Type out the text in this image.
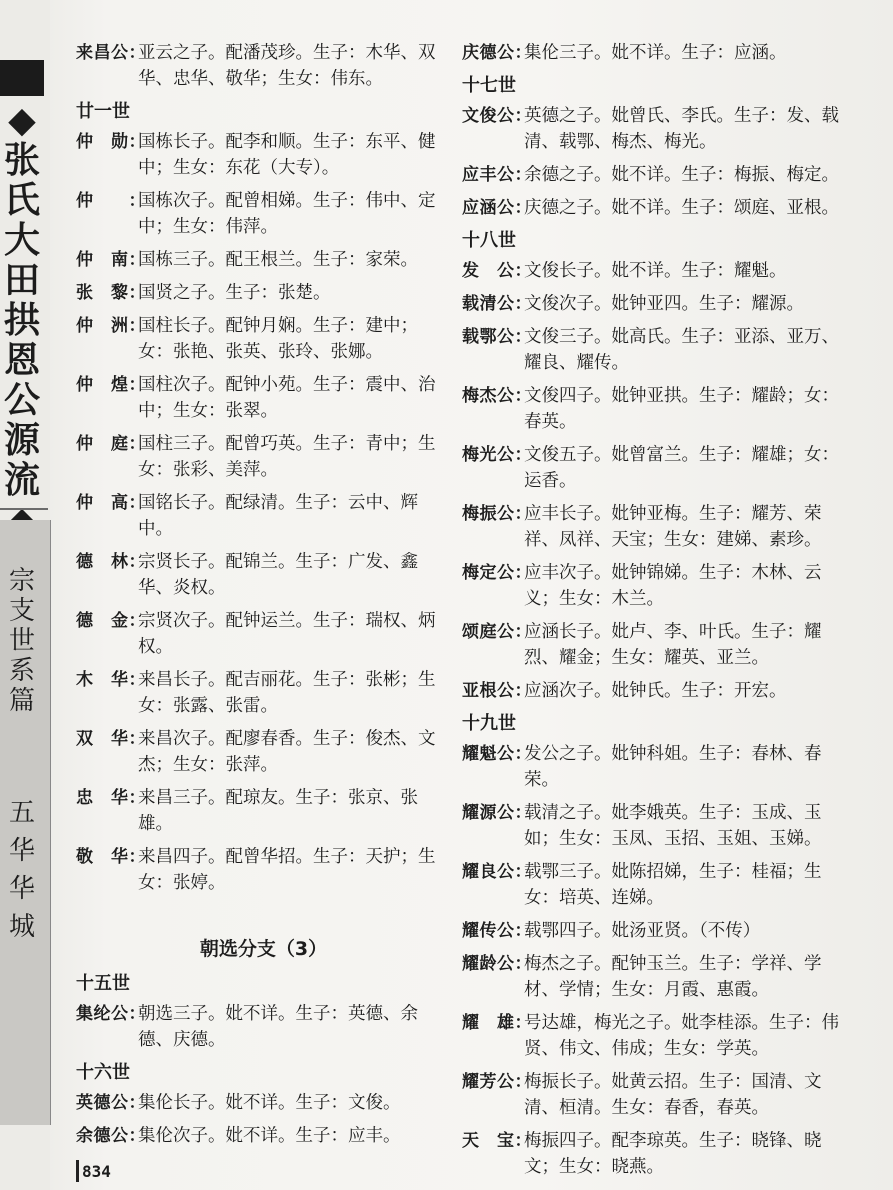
◆张氏大田拱恩公源流
宗支世系篇
五华华城
来昌公：
亚云之子。配潘茂珍。生子：木华、双华、忠华、敬华；生女：伟东。
廿一世
仲　勋：
国栋长子。配李和顺。生子：东平、健中；生女：东花（大专）。
仲　　：
国栋次子。配曾相娣。生子：伟中、定中；生女：伟萍。
仲　南：
国栋三子。配王根兰。生子：家荣。
张　黎：
国贤之子。生子：张楚。
仲　洲：
国柱长子。配钟月娴。生子：建中；女：张艳、张英、张玲、张娜。
仲　煌：
国柱次子。配钟小苑。生子：震中、治中；生女：张翠。
仲　庭：
国柱三子。配曾巧英。生子：青中；生女：张彩、美萍。
仲　高：
国铭长子。配绿清。生子：云中、辉中。
德　林：
宗贤长子。配锦兰。生子：广发、鑫华、炎权。
德　金：
宗贤次子。配钟运兰。生子：瑞权、炳权。
木　华：
来昌长子。配吉丽花。生子：张彬；生女：张露、张雷。
双　华：
来昌次子。配廖春香。生子：俊杰、文杰；生女：张萍。
忠　华：
来昌三子。配琼友。生子：张京、张雄。
敬　华：
来昌四子。配曾华招。生子：天护；生女：张婷。
朝选分支（3）
十五世
集纶公：
朝选三子。妣不详。生子：英德、余德、庆德。
十六世
英德公：
集伦长子。妣不详。生子：文俊。
余德公：
集伦次子。妣不详。生子：应丰。
庆德公：
集伦三子。妣不详。生子：应涵。
十七世
文俊公：
英德之子。妣曾氏、李氏。生子：发、载清、载鄂、梅杰、梅光。
应丰公：
余德之子。妣不详。生子：梅振、梅定。
应涵公：
庆德之子。妣不详。生子：颂庭、亚根。
十八世
发　公：
文俊长子。妣不详。生子：耀魁。
载清公：
文俊次子。妣钟亚四。生子：耀源。
载鄂公：
文俊三子。妣高氏。生子：亚添、亚万、耀良、耀传。
梅杰公：
文俊四子。妣钟亚拱。生子：耀龄；女：春英。
梅光公：
文俊五子。妣曾富兰。生子：耀雄；女：运香。
梅振公：
应丰长子。妣钟亚梅。生子：耀芳、荣祥、凤祥、天宝；生女：建娣、素珍。
梅定公：
应丰次子。妣钟锦娣。生子：木林、云义；生女：木兰。
颂庭公：
应涵长子。妣卢、李、叶氏。生子：耀烈、耀金；生女：耀英、亚兰。
亚根公：
应涵次子。妣钟氏。生子：开宏。
十九世
耀魁公：
发公之子。妣钟科姐。生子：春林、春荣。
耀源公：
载清之子。妣李娥英。生子：玉成、玉如；生女：玉凤、玉招、玉姐、玉娣。
耀良公：
载鄂三子。妣陈招娣，生子：桂福；生女：培英、连娣。
耀传公：
载鄂四子。妣汤亚贤。（不传）
耀龄公：
梅杰之子。配钟玉兰。生子：学祥、学材、学情；生女：月霞、惠霞。
耀　雄：
号达雄，梅光之子。妣李桂添。生子：伟贤、伟文、伟成；生女：学英。
耀芳公：
梅振长子。妣黄云招。生子：国清、文清、桓清。生女：春香，春英。
天　宝：
梅振四子。配李琼英。生子：晓锋、晓文；生女：晓燕。
834
